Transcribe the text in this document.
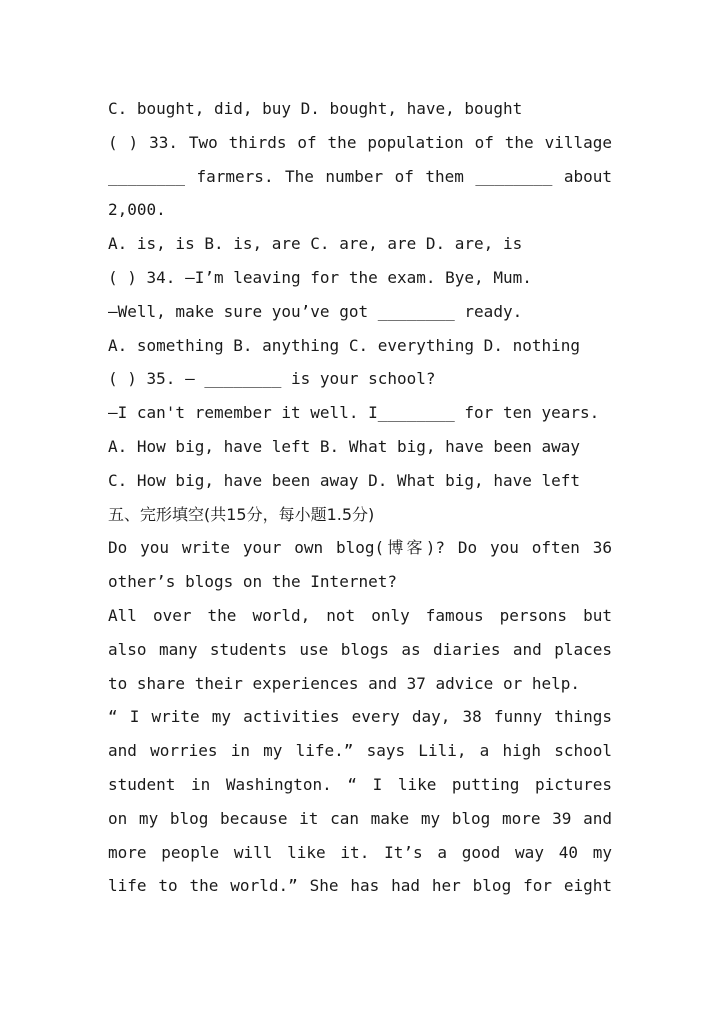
C. bought, did, buy D. bought, have, bought
( ) 33. Two thirds of the population of the village
________ farmers. The number of them ________ about
2,000.
A. is, is B. is, are C. are, are D. are, is
( ) 34. —I’m leaving for the exam. Bye, Mum.
—Well, make sure you’ve got ________ ready.
A. something B. anything C. everything D. nothing
( ) 35. — ________ is your school?
—I can't remember it well. I________ for ten years.
A. How big, have left B. What big, have been away
C. How big, have been away D. What big, have left
五、完形填空(共15分，每小题1.5分)
Do you write your own blog(博客)? Do you often 36
other’s blogs on the Internet?
All over the world, not only famous persons but
also many students use blogs as diaries and places
to share their experiences and 37 advice or help.
“ I write my activities every day, 38 funny things
and worries in my life.” says Lili, a high school
student in Washington. “ I like putting pictures
on my blog because it can make my blog more 39 and
more people will like it. It’s a good way 40 my
life to the world.” She has had her blog for eight
